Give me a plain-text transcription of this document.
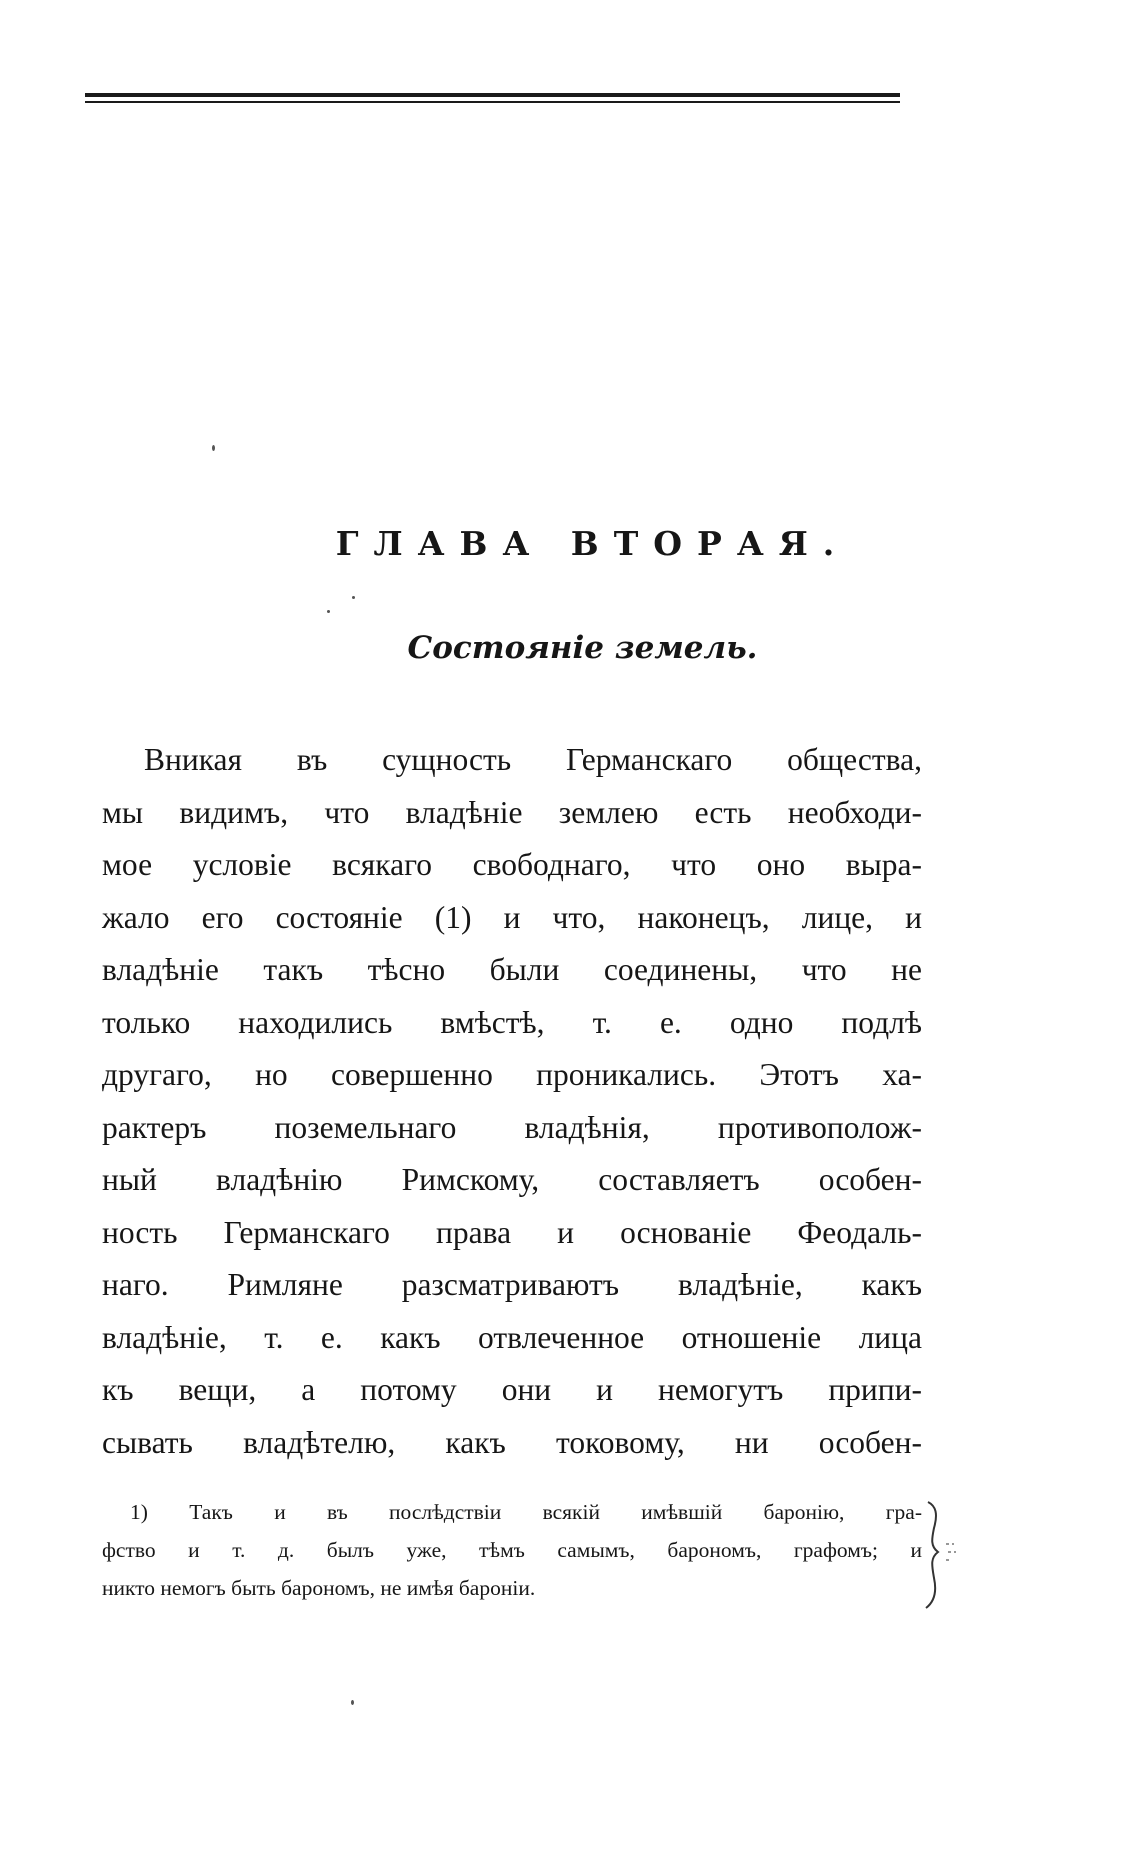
ГЛАВА ВТОРАЯ.
Состоянiе земель.
Вникая въ сущность Германскаго общества,
мы видимъ, что владѣнiе землею есть необходи-
мое условiе всякаго свободнаго, что оно выра-
жало его состоянiе (1) и что, наконецъ, лице, и
владѣнiе такъ тѣсно были соединены, что не
только находились вмѣстѣ, т. е. одно подлѣ
другаго, но совершенно проникались. Этотъ ха-
рактеръ поземельнаго владѣнiя, противополож-
ный владѣнiю Римскому, составляетъ особен-
ность Германскаго права и основанiе Феодаль-
наго. Римляне разсматриваютъ владѣнiе, какъ
владѣнiе, т. е. какъ отвлеченное отношенiе лица
къ вещи, а потому они и немогутъ припи-
сывать владѣтелю, какъ токовому, ни особен-
1) Такъ и въ послѣдствiи всякiй имѣвшiй баронiю, гра-
фство и т. д. былъ уже, тѣмъ самымъ, барономъ, графомъ; и
никто немогъ быть барономъ, не имѣя баронiи.
